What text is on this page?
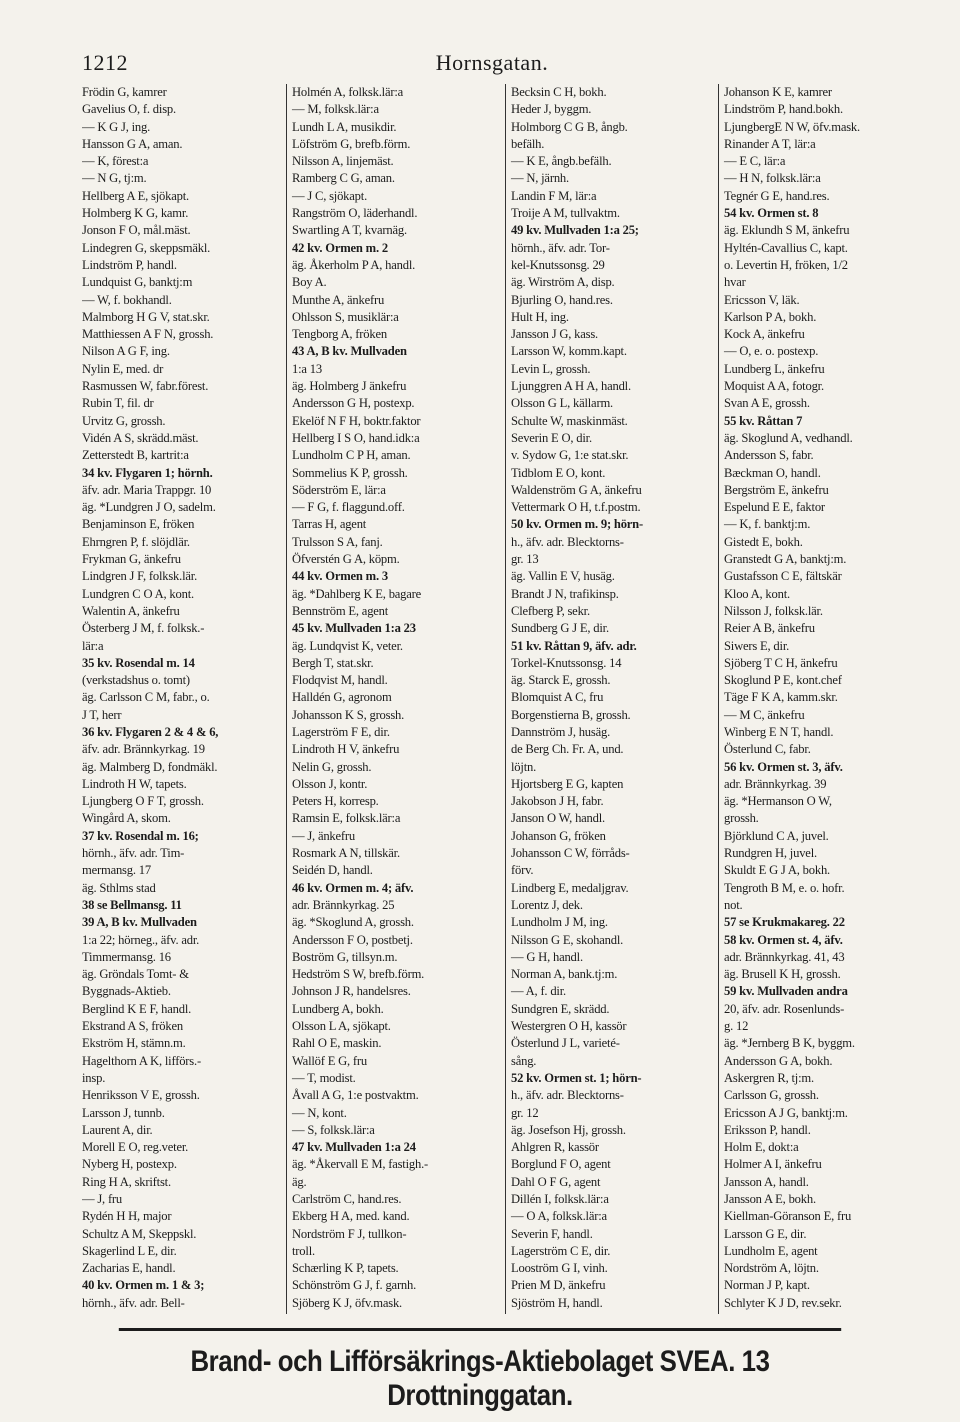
Hornsgatan.
1212
Frödin G, kamrer
Gavelius O, f. disp.
— K G J, ing.
Hansson G A, aman.
— K, förest:a
— N G, tj:m.
Hellberg A E, sjökapt.
Holmberg K G, kamr.
Jonson F O, mål.mäst.
Lindegren G, skeppsmäkl.
Lindström P, handl.
Lundquist G, banktj:m
— W, f. bokhandl.
Malmborg H G V, stat.skr.
Matthiessen A F N, grossh.
Nilson A G F, ing.
Nylin E, med. dr
Rasmussen W, fabr.förest.
Rubin T, fil. dr
Urvitz G, grossh.
Vidén A S, skrädd.mäst.
Zetterstedt B, kartrit:a
34 kv. Flygaren 1; hörnh.
äfv. adr. Maria Trappgr. 10
äg. *Lundgren J O, sadelm.
Benjaminson E, fröken
Ehrngren P, f. slöjdlär.
Frykman G, änkefru
Lindgren J F, folksk.lär.
Lundgren C O A, kont.
Walentin A, änkefru
Österberg J M, f. folksk.-
lär:a
35 kv. Rosendal m. 14
(verkstadshus o. tomt)
äg. Carlsson C M, fabr., o.
J T, herr
36 kv. Flygaren 2 & 4 & 6,
äfv. adr. Brännkyrkag. 19
äg. Malmberg D, fondmäkl.
Lindroth H W, tapets.
Ljungberg O F T, grossh.
Wingård A, skom.
37 kv. Rosendal m. 16;
hörnh., äfv. adr. Tim-
mermansg. 17
äg. Sthlms stad
38 se Bellmansg. 11
39 A, B kv. Mullvaden
1:a 22; hörneg., äfv. adr.
Timmermansg. 16
äg. Gröndals Tomt- &
Byggnads-Aktieb.
Berglind K E F, handl.
Ekstrand A S, fröken
Ekström H, stämn.m.
Hagelthorn A K, lifförs.-
insp.
Henriksson V E, grossh.
Larsson J, tunnb.
Laurent A, dir.
Morell E O, reg.veter.
Nyberg H, postexp.
Ring H A, skriftst.
— J, fru
Rydén H H, major
Schultz A M, Skeppskl.
Skagerlind L E, dir.
Zacharias E, handl.
40 kv. Ormen m. 1 & 3;
hörnh., äfv. adr. Bell-
Holmén A, folksk.lär:a
— M, folksk.lär:a
Lundh L A, musikdir.
Löfström G, brefb.förm.
Nilsson A, linjemäst.
Ramberg C G, aman.
— J C, sjökapt.
Rangström O, läderhandl.
Swartling A T, kvarnäg.
42 kv. Ormen m. 2
äg. Åkerholm P A, handl.
Boy A.
Munthe A, änkefru
Ohlsson S, musiklär:a
Tengborg A, fröken
43 A, B kv. Mullvaden
1:a 13
äg. Holmberg J änkefru
Andersson G H, postexp.
Ekelöf N F H, boktr.faktor
Hellberg I S O, hand.idk:a
Lundholm C P H, aman.
Sommelius K P, grossh.
Söderström E, lär:a
— F G, f. flaggund.off.
Tarras H, agent
Trulsson S A, fanj.
Öfverstén G A, köpm.
44 kv. Ormen m. 3
äg. *Dahlberg K E, bagare
Bennström E, agent
45 kv. Mullvaden 1:a 23
äg. Lundqvist K, veter.
Bergh T, stat.skr.
Flodqvist M, handl.
Halldén G, agronom
Johansson K S, grossh.
Lagerström F E, dir.
Lindroth H V, änkefru
Nelin G, grossh.
Olsson J, kontr.
Peters H, korresp.
Ramsin E, folksk.lär:a
— J, änkefru
Rosmark A N, tillskär.
Seidén D, handl.
46 kv. Ormen m. 4; äfv.
adr. Brännkyrkag. 25
äg. *Skoglund A, grossh.
Andersson F O, postbetj.
Boström G, tillsyn.m.
Hedström S W, brefb.förm.
Johnson J R, handelsres.
Lundberg A, bokh.
Olsson L A, sjökapt.
Rahl O E, maskin.
Wallöf E G, fru
— T, modist.
Åvall A G, 1:e postvaktm.
— N, kont.
— S, folksk.lär:a
47 kv. Mullvaden 1:a 24
äg. *Åkervall E M, fastigh.-
äg.
Carlström C, hand.res.
Ekberg H A, med. kand.
Nordström F J, tullkon-
troll.
Schærling K P, tapets.
Schönström G J, f. garnh.
Sjöberg K J, öfv.mask.
Becksin C H, bokh.
Heder J, byggm.
Holmborg C G B, ångb.
befälh.
— K E, ångb.befälh.
— N, järnh.
Landin F M, lär:a
Troije A M, tullvaktm.
49 kv. Mullvaden 1:a 25;
hörnh., äfv. adr. Tor-
kel-Knutssonsg. 29
äg. Wirström A, disp.
Bjurling O, hand.res.
Hult H, ing.
Jansson J G, kass.
Larsson W, komm.kapt.
Levin L, grossh.
Ljunggren A H A, handl.
Olsson G L, källarm.
Schulte W, maskinmäst.
Severin E O, dir.
v. Sydow G, 1:e stat.skr.
Tidblom E O, kont.
Waldenström G A, änkefru
Vettermark O H, t.f.postm.
50 kv. Ormen m. 9; hörn-
h., äfv. adr. Blecktorns-
gr. 13
äg. Vallin E V, husäg.
Brandt J N, trafikinsp.
Clefberg P, sekr.
Sundberg G J E, dir.
51 kv. Råttan 9, äfv. adr.
Torkel-Knutssonsg. 14
äg. Starck E, grossh.
Blomquist A C, fru
Borgenstierna B, grossh.
Dannström J, husäg.
de Berg Ch. Fr. A, und.
löjtn.
Hjortsberg E G, kapten
Jakobson J H, fabr.
Janson O W, handl.
Johanson G, fröken
Johansson C W, förråds-
förv.
Lindberg E, medaljgrav.
Lorentz J, dek.
Lundholm J M, ing.
Nilsson G E, skohandl.
— G H, handl.
Norman A, bank.tj:m.
— A, f. dir.
Sundgren E, skrädd.
Westergren O H, kassör
Österlund J L, varieté-
sång.
52 kv. Ormen st. 1; hörn-
h., äfv. adr. Blecktorns-
gr. 12
äg. Josefson Hj, grossh.
Ahlgren R, kassör
Borglund F O, agent
Dahl O F G, agent
Dillén I, folksk.lär:a
— O A, folksk.lär:a
Severin F, handl.
Lagerström C E, dir.
Looström G I, vinh.
Prien M D, änkefru
Sjöström H, handl.
Johanson K E, kamrer
Lindström P, hand.bokh.
LjungbergE N W, öfv.mask.
Rinander A T, lär:a
— E C, lär:a
— H N, folksk.lär:a
Tegnér G E, hand.res.
54 kv. Ormen st. 8
äg. Eklundh S M, änkefru
Hyltén-Cavallius C, kapt.
o. Levertin H, fröken, 1/2
hvar
Ericsson V, läk.
Karlson P A, bokh.
Kock A, änkefru
— O, e. o. postexp.
Lundberg L, änkefru
Moquist A A, fotogr.
Svan A E, grossh.
55 kv. Råttan 7
äg. Skoglund A, vedhandl.
Andersson S, fabr.
Bæckman O, handl.
Bergström E, änkefru
Espelund E E, faktor
— K, f. banktj:m.
Gistedt E, bokh.
Granstedt G A, banktj:m.
Gustafsson C E, fältskär
Kloo A, kont.
Nilsson J, folksk.lär.
Reier A B, änkefru
Siwers E, dir.
Sjöberg T C H, änkefru
Skoglund P E, kont.chef
Täge F K A, kamm.skr.
— M C, änkefru
Winberg E N T, handl.
Österlund C, fabr.
56 kv. Ormen st. 3, äfv.
adr. Brännkyrkag. 39
äg. *Hermanson O W,
grossh.
Björklund C A, juvel.
Rundgren H, juvel.
Skuldt E G J A, bokh.
Tengroth B M, e. o. hofr.
not.
57 se Krukmakareg. 22
58 kv. Ormen st. 4, äfv.
adr. Brännkyrkag. 41, 43
äg. Brusell K H, grossh.
59 kv. Mullvaden andra
20, äfv. adr. Rosenlunds-
g. 12
äg. *Jernberg B K, byggm.
Andersson G A, bokh.
Askergren R, tj:m.
Carlsson G, grossh.
Ericsson A J G, banktj:m.
Eriksson P, handl.
Holm E, dokt:a
Holmer A I, änkefru
Jansson A, handl.
Jansson A E, bokh.
Kiellman-Göranson E, fru
Larsson G E, dir.
Lundholm E, agent
Nordström A, löjtn.
Norman J P, kapt.
Schlyter K J D, rev.sekr.
Brand- och Lifförsäkrings-Aktiebolaget SVEA. 13 Drottninggatan.
